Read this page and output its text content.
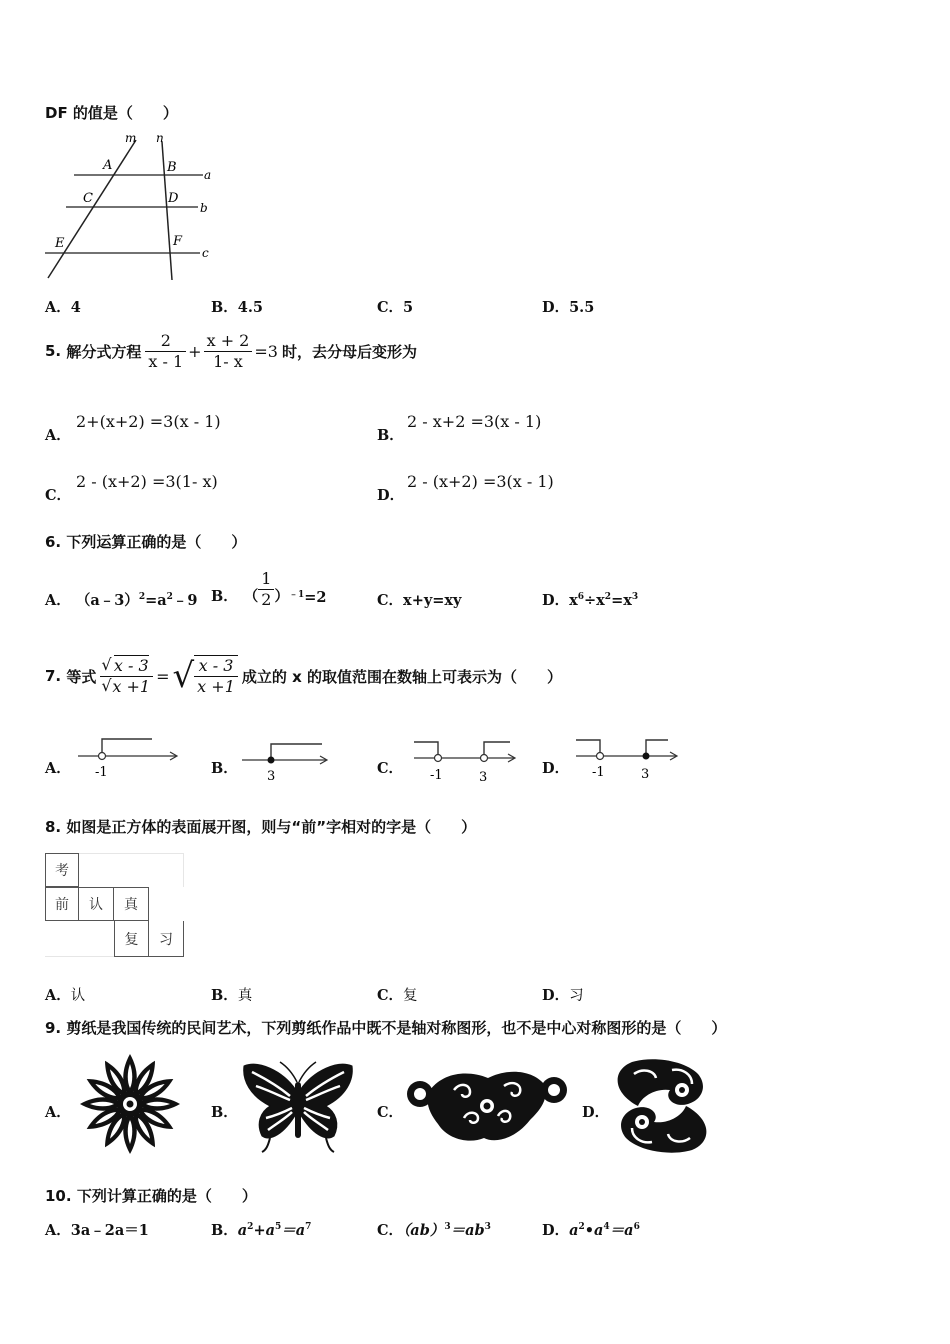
DF 的值是（　　）
m n
A	B a
C	D
b
E	F
c
A．4	B．4.5	C．5	D．5.5
5.
解分式方程 $\frac{2}{x - 1} + \frac{x + 2}{1- x} =3$ 时，去分母后变形为
A．
2+(x+2) =3(x - 1)
B．
2 - x+2 =3(x - 1)
C．
2 - (x+2) =3(1- x)
D．
2 - (x+2) =3(x - 1)
6. 下列运算正确的是（　　）
A． $(a﹣3)^2=a^2﹣9$ B． （ $\frac{1}{2}$ ） ﹣1 =2	C．x+y=xy	D．$x^6\div x^2=x^3$
7.
等式 $\frac{√ x - 3}{√ x +1}$ = √ $\frac{x - 3}{x +1}$ 成立的 x 的取值范围在数轴上可表示为（　　）
A． -1	B． 3	C． -1	3
D． -1	3
8. 如图是正方体的表面展开图，则与“前”字相对的字是（　　）
考
前	认	真
复	习
A．认	B．真	C．复	D．习
9. 剪纸是我国传统的民间艺术，下列剪纸作品中既不是轴对称图形，也不是中心对称图形的是（　　）
A．	B．	C．	D．
10. 下列计算正确的是（　　）
A．3a﹣2a＝1	B．$a^2+a^5=a^7$	C．$(ab)^3=ab^3$	D．$a^2•a^4=a^6$
